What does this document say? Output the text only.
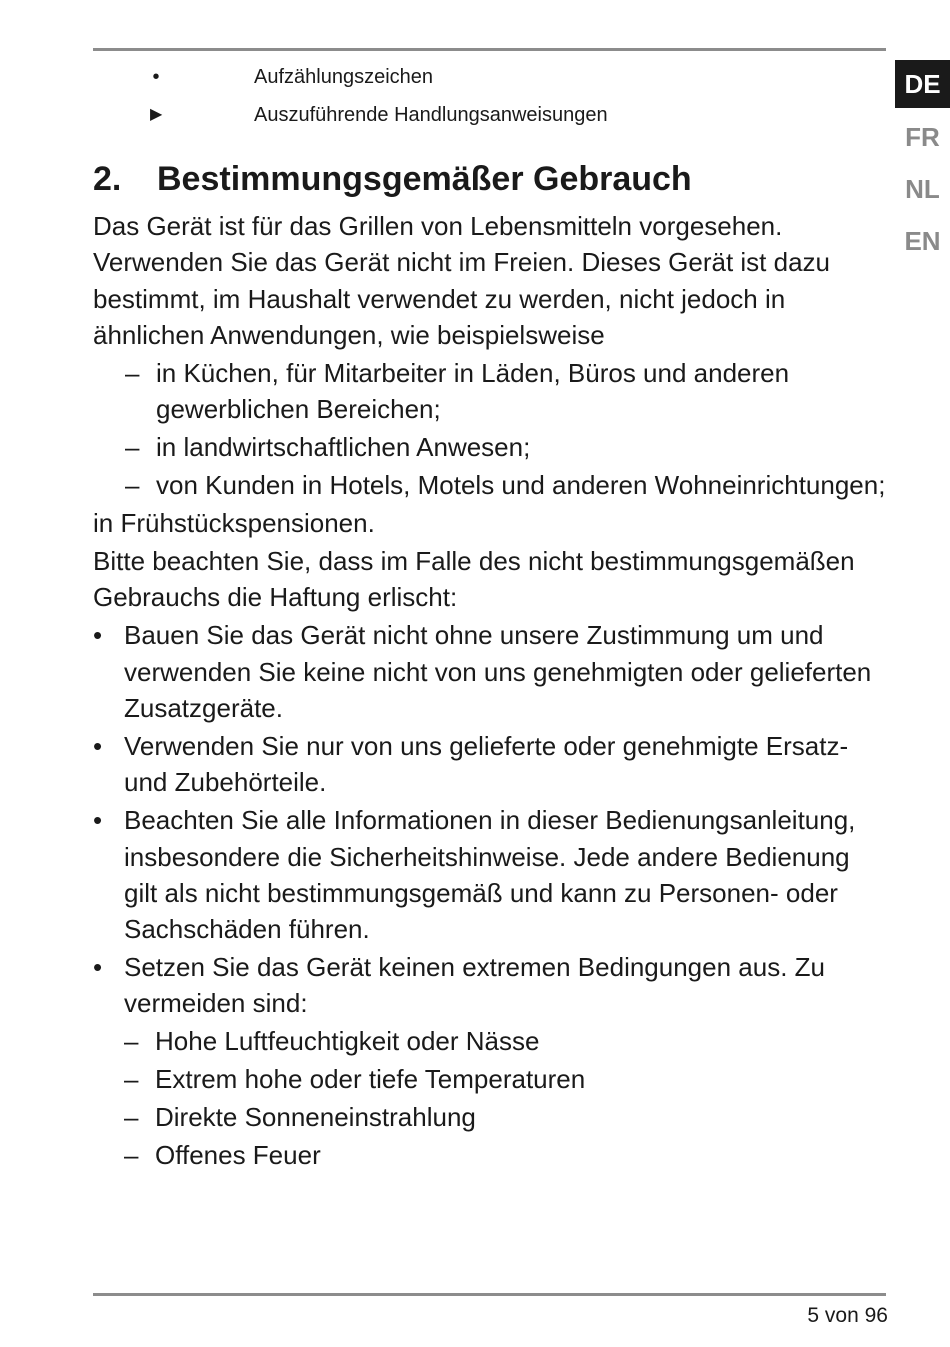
•	Aufzählungszeichen
▶	Auszuführende Handlungsanweisungen
DE
FR
NL
EN
2. Bestimmungsgemäßer Gebrauch

Das Gerät ist für das Grillen von Lebensmitteln vorgesehen. Verwenden Sie das Gerät nicht im Freien. Dieses Gerät ist dazu bestimmt, im Haushalt verwendet zu werden, nicht jedoch in ähnlichen Anwendungen, wie beispielsweise

– in Küchen, für Mitarbeiter in Läden, Büros und anderen gewerblichen Bereichen;
– in landwirtschaftlichen Anwesen;
– von Kunden in Hotels, Motels und anderen Wohneinrichtungen;

in Frühstückspensionen.

Bitte beachten Sie, dass im Falle des nicht bestimmungsgemäßen Gebrauchs die Haftung erlischt:

• Bauen Sie das Gerät nicht ohne unsere Zustimmung um und verwenden Sie keine nicht von uns genehmigten oder gelieferten Zusatzgeräte.
• Verwenden Sie nur von uns gelieferte oder genehmigte Ersatz- und Zubehörteile.
• Beachten Sie alle Informationen in dieser Bedienungsanleitung, insbesondere die Sicherheitshinweise. Jede andere Bedienung gilt als nicht bestimmungsgemäß und kann zu Personen- oder Sachschäden führen.
• Setzen Sie das Gerät keinen extremen Bedingungen aus. Zu vermeiden sind:
– Hohe Luftfeuchtigkeit oder Nässe
– Extrem hohe oder tiefe Temperaturen
– Direkte Sonneneinstrahlung
– Offenes Feuer
5 von 96
